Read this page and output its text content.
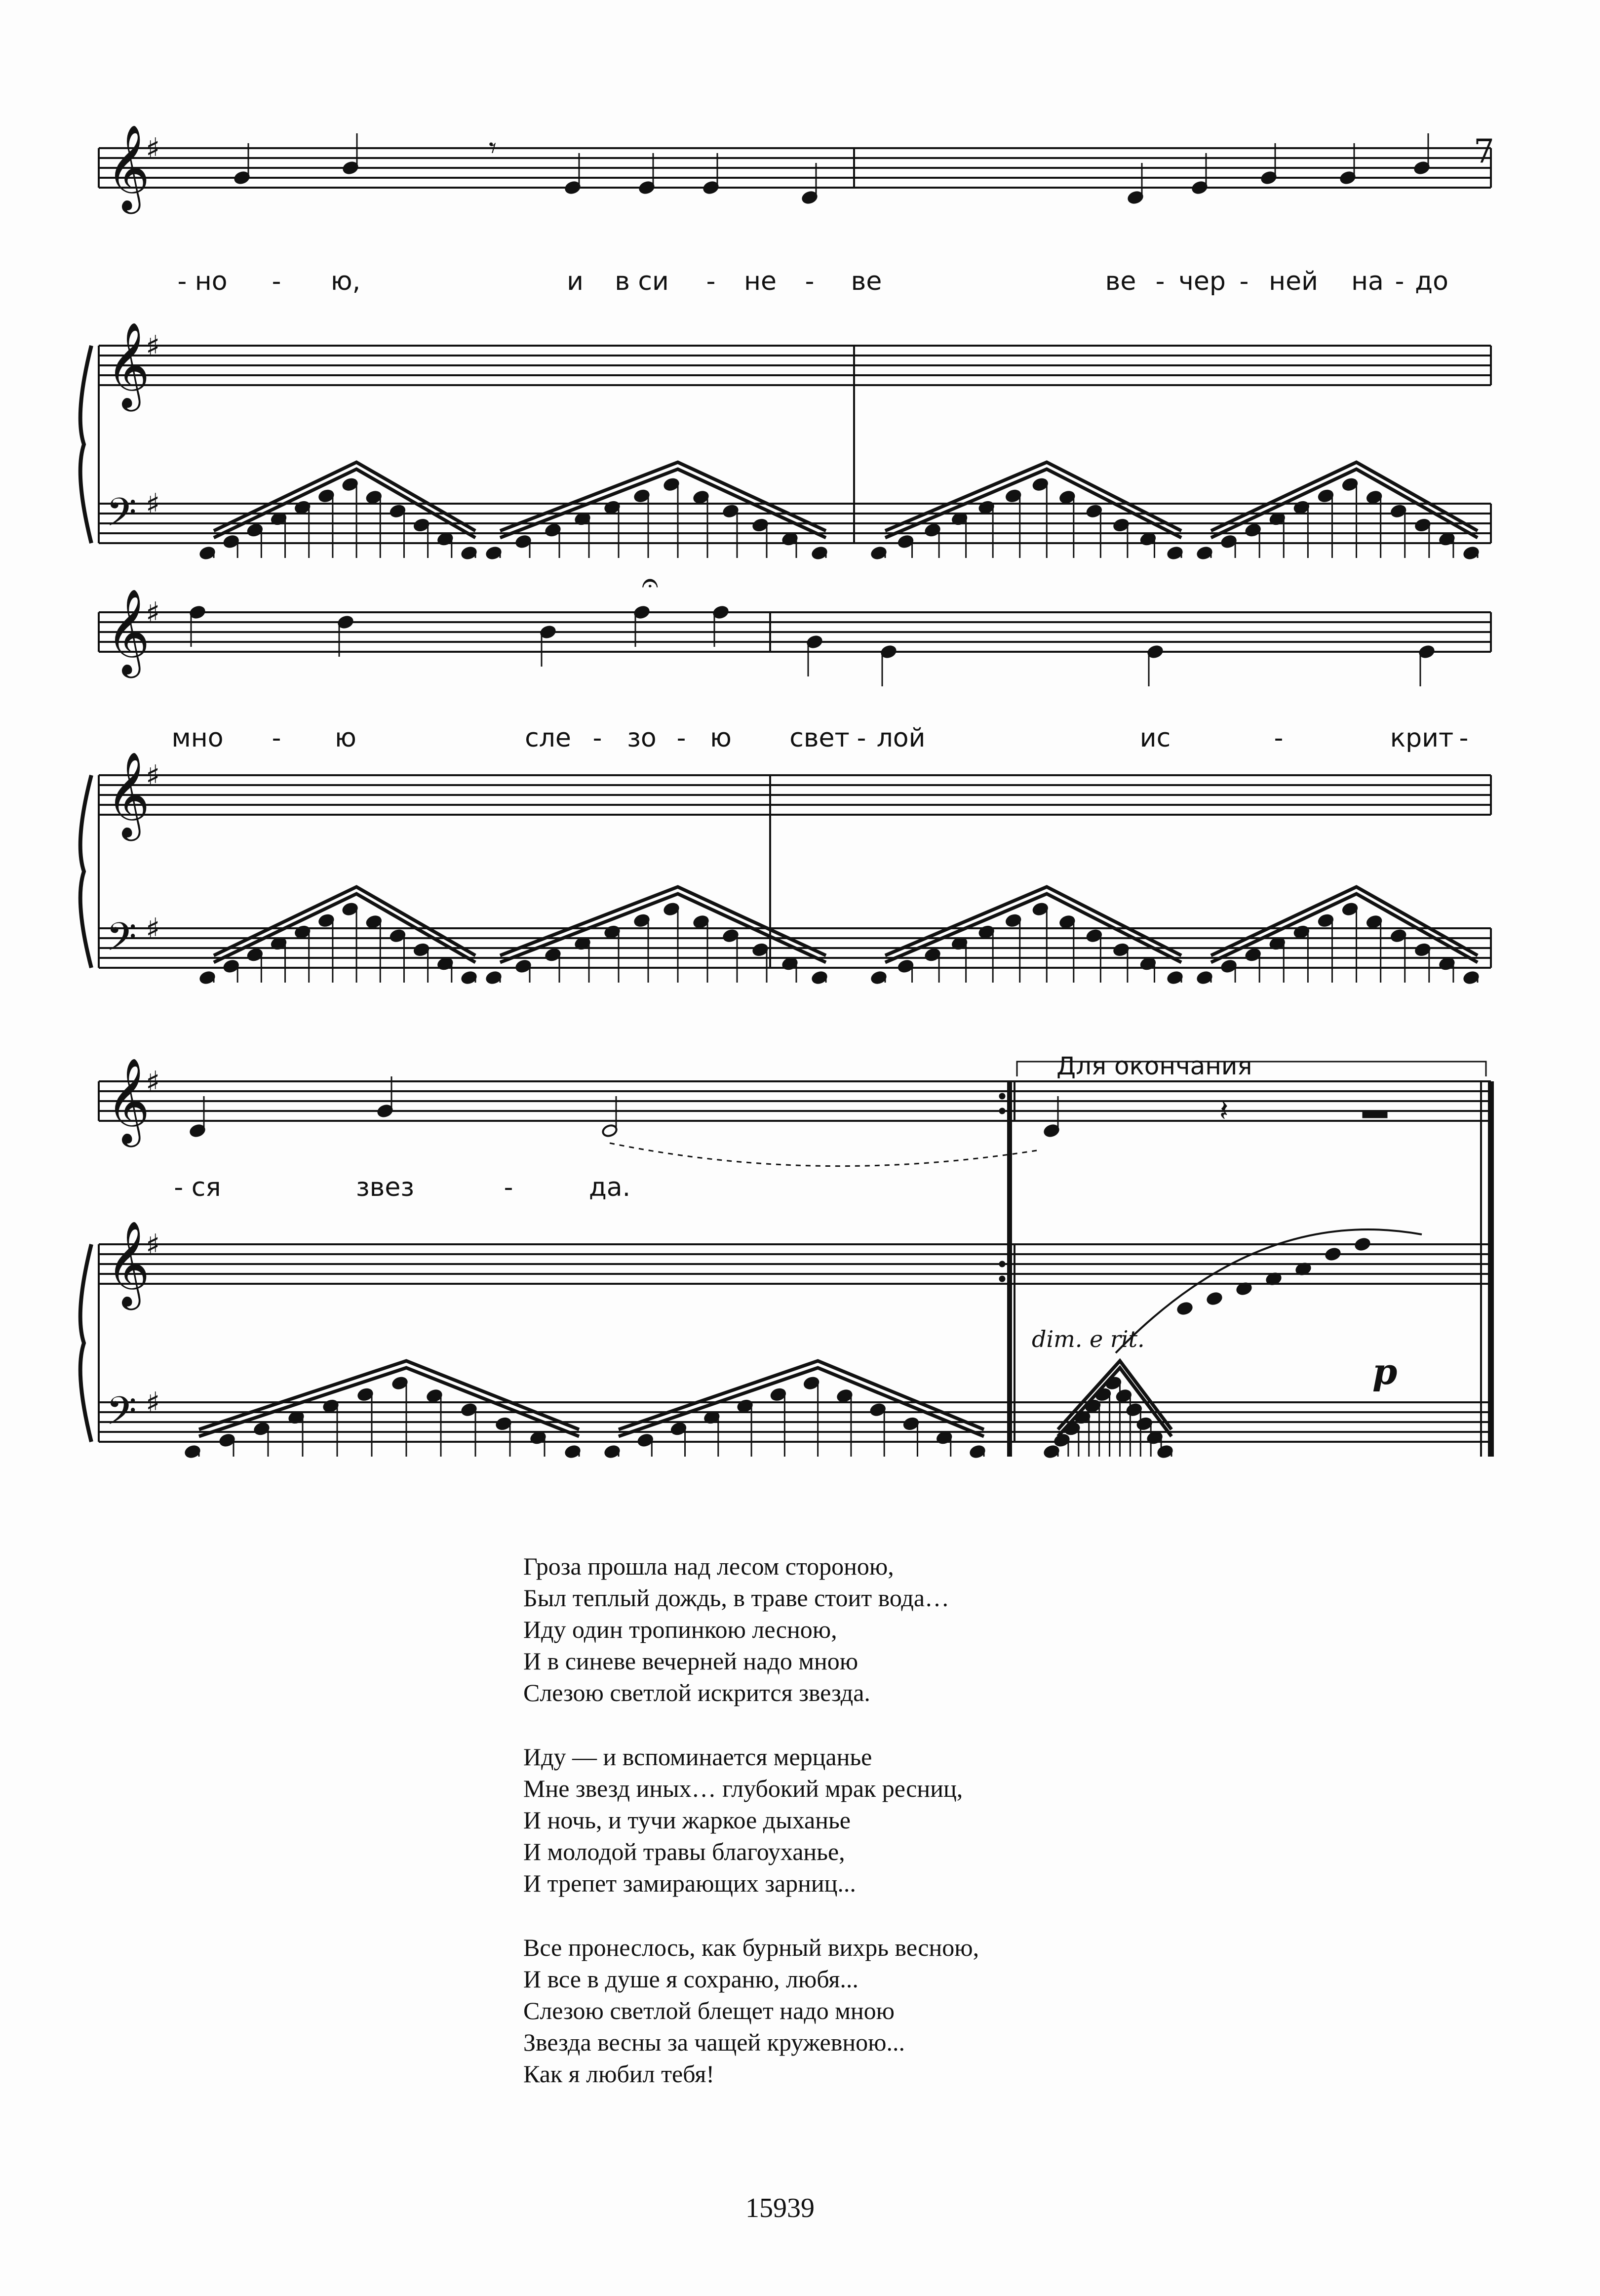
7
𝄞
♯
𝄞
♯
𝄢 ♯
𝄞
♯
𝄞
♯
𝄢 ♯
𝄞
♯
𝄞
♯
𝄢 ♯
𝄾
𝄐
𝄽
Для окончания
dim. e rit.
p
Гроза прошла над лесом стороною,
Был теплый дождь, в траве стоит вода…
Иду один тропинкою лесною,
И в синеве вечерней надо мною
Слезою светлой искрится звезда.
Иду — и вспоминается мерцанье
Мне звезд иных… глубокий мрак ресниц,
И ночь, и тучи жаркое дыханье
И молодой травы благоуханье,
И трепет замирающих зарниц...
Все пронеслось, как бурный вихрь весною,
И все в душе я сохраню, любя...
Слезою светлой блещет надо мною
Звезда весны за чащей кружевною...
Как я любил тебя!
15939
- но - ю,	и в си - не - ве	ве - чер - ней на - до
мно - ю	сле - зо - ю свет - лой	ис	-	крит -
- ся	звез	-	да.
